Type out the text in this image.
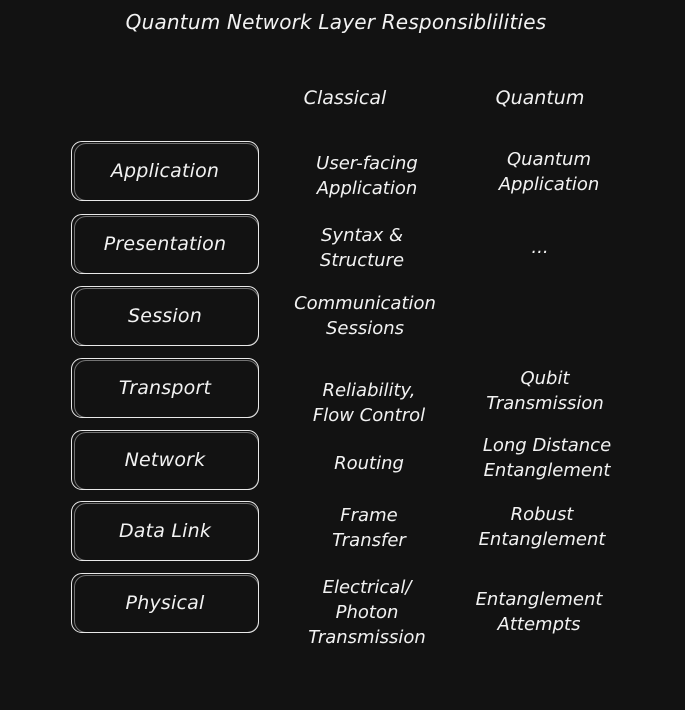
Quantum Network Layer Responsiblilities
Classical	Quantum
Application
Presentation
Session
Transport
Network
Data Link
Physical
User-facing
Application
Syntax &
Structure
Communication
Sessions
Reliability,
Flow Control
Routing
Frame
Transfer
Electrical/
Photon
Transmission
Quantum
Application
...
Qubit
Transmission
Long Distance
Entanglement
Robust
Entanglement
Entanglement
Attempts
